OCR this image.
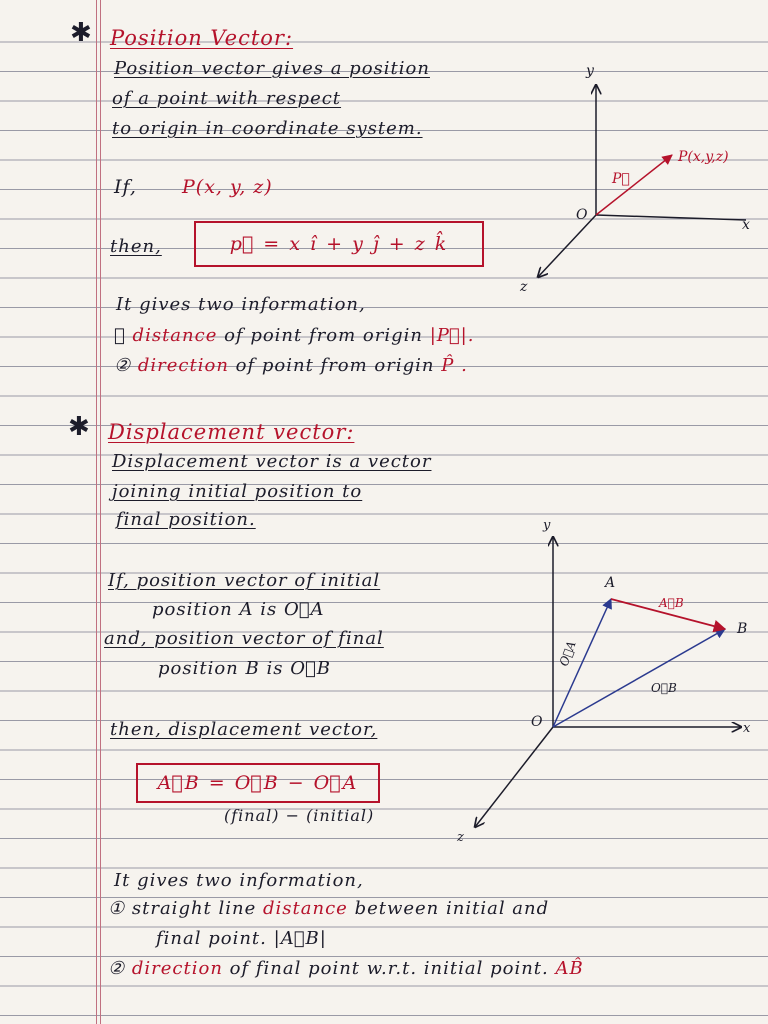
✱ Position Vector:
Position vector gives a position
of a point with respect
to origin in coordinate system.
If, P(x, y, z)
then,	p⃗ = x î + y ĵ + z k̂
It gives two information,
① distance of point from origin |P⃗|.
② direction of point from origin P̂ .
y
x
z
O
P(x,y,z)
P⃗
✱ Displacement vector:
Displacement vector is a vector
joining initial position to
final position.
If, position vector of initial
position A is O⃗A
and, position vector of final
position B is O⃗B
then, displacement vector,
A⃗B = O⃗B − O⃗A
(final) − (initial)
It gives two information,
① straight line distance between initial and
final point. |A⃗B|
② direction of final point w.r.t. initial point. AB̂
y
x
z
O
A
B
A⃗B
O⃗A
O⃗B
